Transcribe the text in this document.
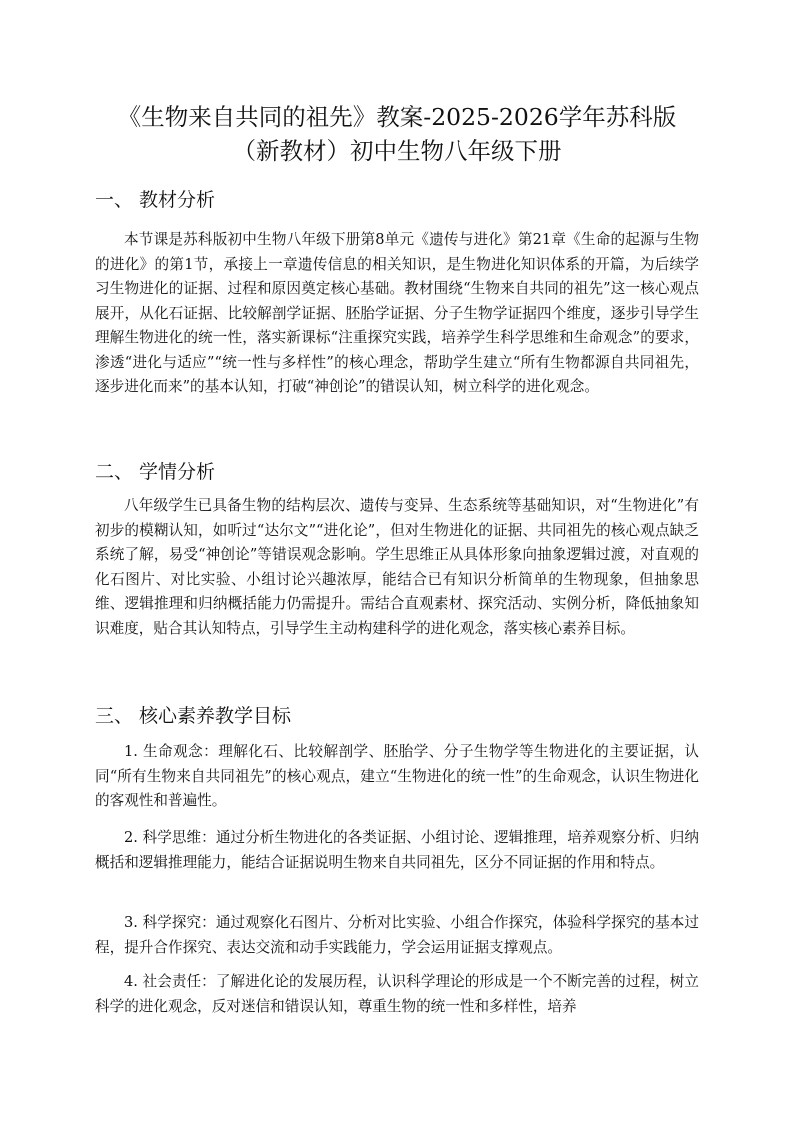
《生物来自共同的祖先》教案-2025-2026学年苏科版（新教材）初中生物八年级下册
一、 教材分析

本节课是苏科版初中生物八年级下册第8单元《遗传与进化》第21章《生命的起源与生物的进化》的第1节，承接上一章遗传信息的相关知识，是生物进化知识体系的开篇，为后续学习生物进化的证据、过程和原因奠定核心基础。教材围绕“生物来自共同的祖先”这一核心观点展开，从化石证据、比较解剖学证据、胚胎学证据、分子生物学证据四个维度，逐步引导学生理解生物进化的统一性，落实新课标“注重探究实践，培养学生科学思维和生命观念”的要求，渗透“进化与适应”“统一性与多样性”的核心理念，帮助学生建立“所有生物都源自共同祖先，逐步进化而来”的基本认知，打破“神创论”的错误认知，树立科学的进化观念。

二、 学情分析

八年级学生已具备生物的结构层次、遗传与变异、生态系统等基础知识，对“生物进化”有初步的模糊认知，如听过“达尔文”“进化论”，但对生物进化的证据、共同祖先的核心观点缺乏系统了解，易受“神创论”等错误观念影响。学生思维正从具体形象向抽象逻辑过渡，对直观的化石图片、对比实验、小组讨论兴趣浓厚，能结合已有知识分析简单的生物现象，但抽象思维、逻辑推理和归纳概括能力仍需提升。需结合直观素材、探究活动、实例分析，降低抽象知识难度，贴合其认知特点，引导学生主动构建科学的进化观念，落实核心素养目标。

三、 核心素养教学目标

1. 生命观念：理解化石、比较解剖学、胚胎学、分子生物学等生物进化的主要证据，认同“所有生物来自共同祖先”的核心观点，建立“生物进化的统一性”的生命观念，认识生物进化的客观性和普遍性。

2. 科学思维：通过分析生物进化的各类证据、小组讨论、逻辑推理，培养观察分析、归纳概括和逻辑推理能力，能结合证据说明生物来自共同祖先，区分不同证据的作用和特点。

3. 科学探究：通过观察化石图片、分析对比实验、小组合作探究，体验科学探究的基本过程，提升合作探究、表达交流和动手实践能力，学会运用证据支撑观点。

4. 社会责任：了解进化论的发展历程，认识科学理论的形成是一个不断完善的过程，树立科学的进化观念，反对迷信和错误认知，尊重生物的统一性和多样性，培养
